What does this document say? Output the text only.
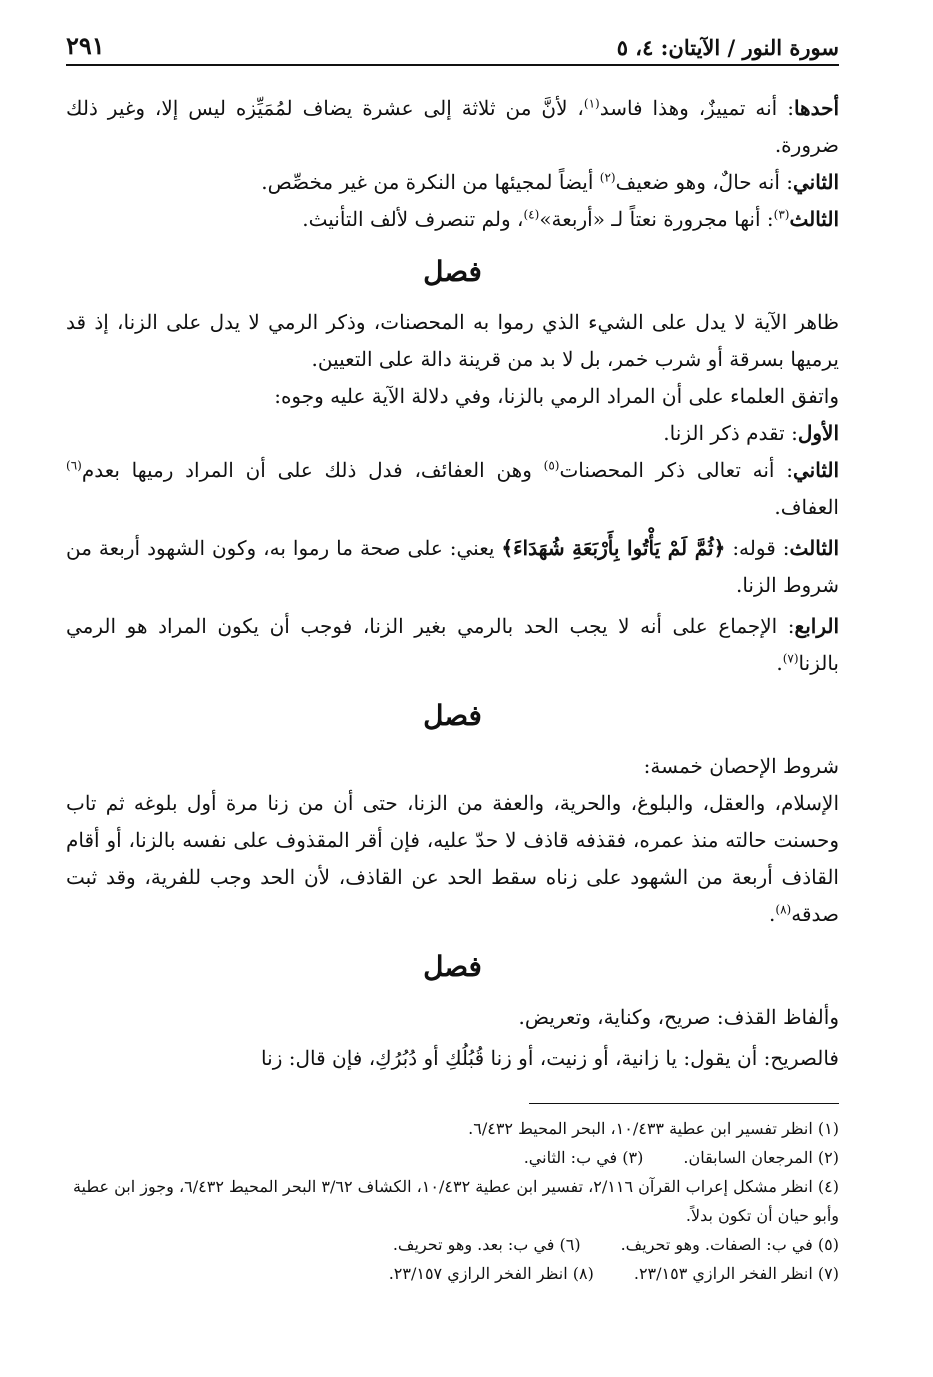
سورة النور / الآيتان: ٤، ٥
٢٩١

أحدها: أنه تمييزٌ، وهذا فاسد$^{(١)}$، لأنَّ من ثلاثة إلى عشرة يضاف لمُمَيِّزه ليس إلا، وغير ذلك ضرورة.

الثاني: أنه حالٌ، وهو ضعيف$^{(٢)}$ أيضاً لمجيئها من النكرة من غير مخصِّص.

الثالث$^{(٣)}$: أنها مجرورة نعتاً لـ «أربعة»$^{(٤)}$، ولم تنصرف لألف التأنيث.

فصل

ظاهر الآية لا يدل على الشيء الذي رموا به المحصنات، وذكر الرمي لا يدل على الزنا، إذ قد يرميها بسرقة أو شرب خمر، بل لا بد من قرينة دالة على التعيين.

واتفق العلماء على أن المراد الرمي بالزنا، وفي دلالة الآية عليه وجوه:

الأول: تقدم ذكر الزنا.

الثاني: أنه تعالى ذكر المحصنات$^{(٥)}$ وهن العفائف، فدل ذلك على أن المراد رميها بعدم$^{(٦)}$ العفاف.

الثالث: قوله: ﴿ثُمَّ لَمْ يَأْتُوا بِأَرْبَعَةِ شُهَدَاءَ﴾ يعني: على صحة ما رموا به، وكون الشهود أربعة من شروط الزنا.

الرابع: الإجماع على أنه لا يجب الحد بالرمي بغير الزنا، فوجب أن يكون المراد هو الرمي بالزنا$^{(٧)}$.

فصل

شروط الإحصان خمسة:

الإسلام، والعقل، والبلوغ، والحرية، والعفة من الزنا، حتى أن من زنا مرة أول بلوغه ثم تاب وحسنت حالته منذ عمره، فقذفه قاذف لا حدّ عليه، فإن أقر المقذوف على نفسه بالزنا، أو أقام القاذف أربعة من الشهود على زناه سقط الحد عن القاذف، لأن الحد وجب للفرية، وقد ثبت صدقه$^{(٨)}$.

فصل

وألفاظ القذف: صريح، وكناية، وتعريض.

فالصريح: أن يقول: يا زانية، أو زنيت، أو زنا قُبُلُكِ أو دُبُرُكِ، فإن قال: زنا

(١) انظر تفسير ابن عطية ١٠/٤٣٣، البحر المحيط ٦/٤٣٢.
(٢) المرجعان السابقان.
(٣) في ب: الثاني.
(٤) انظر مشكل إعراب القرآن ٢/١١٦، تفسير ابن عطية ١٠/٤٣٢، الكشاف ٣/٦٢ البحر المحيط ٦/٤٣٢، وجوز ابن عطية وأبو حيان أن تكون بدلاً.
(٥) في ب: الصفات. وهو تحريف.
(٦) في ب: بعد. وهو تحريف.
(٧) انظر الفخر الرازي ٢٣/١٥٣.
(٨) انظر الفخر الرازي ٢٣/١٥٧.
